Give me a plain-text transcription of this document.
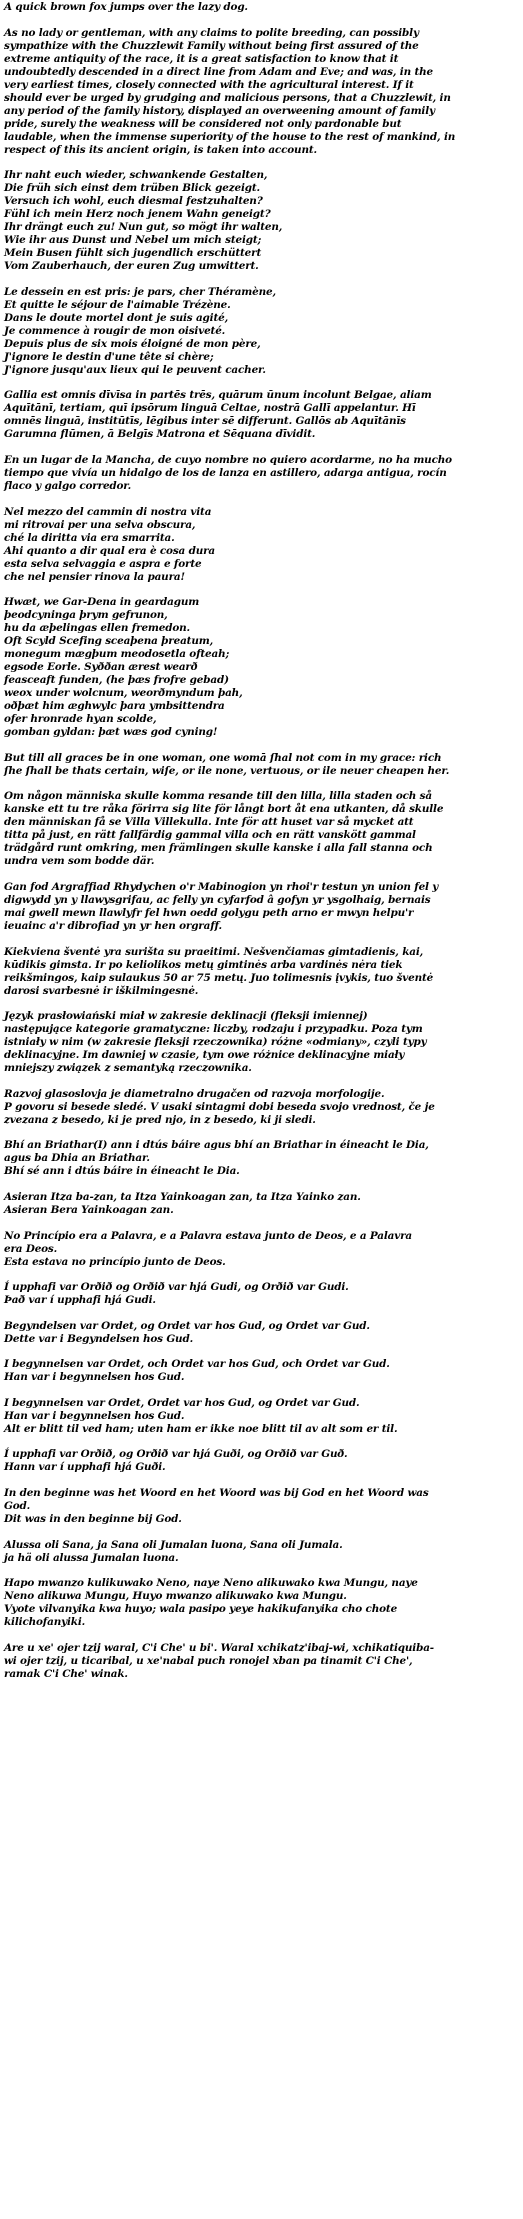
A quick brown fox jumps over the lazy dog.
As no lady or gentleman, with any claims to polite breeding, can possibly
sympathize with the Chuzzlewit Family without being first assured of the
extreme antiquity of the race, it is a great satisfaction to know that it
undoubtedly descended in a direct line from Adam and Eve; and was, in the
very earliest times, closely connected with the agricultural interest. If it
should ever be urged by grudging and malicious persons, that a Chuzzlewit, in
any period of the family history, displayed an overweening amount of family
pride, surely the weakness will be considered not only pardonable but
laudable, when the immense superiority of the house to the rest of mankind, in
respect of this its ancient origin, is taken into account.
Ihr naht euch wieder, schwankende Gestalten,
Die früh sich einst dem trüben Blick gezeigt.
Versuch ich wohl, euch diesmal festzuhalten?
Fühl ich mein Herz noch jenem Wahn geneigt?
Ihr drängt euch zu! Nun gut, so mögt ihr walten,
Wie ihr aus Dunst und Nebel um mich steigt;
Mein Busen fühlt sich jugendlich erschüttert
Vom Zauberhauch, der euren Zug umwittert.
Le dessein en est pris: je pars, cher Théramène,
Et quitte le séjour de l'aimable Trézène.
Dans le doute mortel dont je suis agité,
Je commence à rougir de mon oisiveté.
Depuis plus de six mois éloigné de mon père,
J'ignore le destin d'une tête si chère;
J'ignore jusqu'aux lieux qui le peuvent cacher.
Gallia est omnis dīvīsa in partēs trēs, quārum ūnum incolunt Belgae, aliam
Aquītānī, tertiam, quī ipsōrum linguā Celtae, nostrā Gallī appelantur. Hī
omnēs linguā, institūtīs, lēgibus inter sē differunt. Gallōs ab Aquītānīs
Garumna flūmen, ā Belgīs Matrona et Sēquana dīvidit.
En un lugar de la Mancha, de cuyo nombre no quiero acordarme, no ha mucho
tiempo que vivía un hidalgo de los de lanza en astillero, adarga antigua, rocín
flaco y galgo corredor.
Nel mezzo del cammin di nostra vita
mi ritrovai per una selva obscura,
ché la diritta via era smarrita.
Ahi quanto a dir qual era è cosa dura
esta selva selvaggia e aspra e forte
che nel pensier rinova la paura!
Hwæt, we Gar-Dena in geardagum
þeodcyninga þrym gefrunon,
hu da æþelingas ellen fremedon.
Oft Scyld Scefing sceaþena þreatum,
monegum mægþum meodosetla ofteah;
egsode Eorle. Syððan ærest wearð
feasceaft funden, (he þæs frofre gebad)
weox under wolcnum, weorðmyndum þah,
oðþæt him æghwylc þara ymbsittendra
ofer hronrade hyan scolde,
gomban gyldan: þæt wæs god cyning!
But till all graces be in one woman, one womā ſhal not com in my grace: rich
ſhe ſhall be thats certain, wiſe, or ile none, vertuous, or ile neuer cheapen her.
Om någon människa skulle komma resande till den lilla, lilla staden och så
kanske ett tu tre råka förirra sig lite för långt bort åt ena utkanten, då skulle
den människan få se Villa Villekulla. Inte för att huset var så mycket att
titta på just, en rätt fallfärdig gammal villa och en rätt vanskött gammal
trädgård runt omkring, men främlingen skulle kanske i alla fall stanna och
undra vem som bodde där.
Gan fod Argraffiad Rhydychen o'r Mabinogion yn rhoi'r testun yn union fel y
digwydd yn y llawysgrifau, ac felly yn cyfarfod â gofyn yr ysgolhaig, bernais
mai gwell mewn llawlyfr fel hwn oedd golygu peth arno er mwyn helpu'r
ieuainc a'r dibrofiad yn yr hen orgraff.
Kiekviena šventė yra surišta su praeitimi. Nešvenčiamas gimtadienis, kai,
kūdikis gimsta. Ir po keliolikos metų gimtinės arba vardinės nėra tiek
reikšmingos, kaip sulaukus 50 ar 75 metų. Juo tolimesnis įvykis, tuo šventė
darosi svarbesnė ir iškilmingesnė.
Język prasłowiański miał w zakresie deklinacji (fleksji imiennej)
następujące kategorie gramatyczne: liczby, rodzaju i przypadku. Poza tym
istniały w nim (w zakresie fleksji rzeczownika) różne «odmiany», czyli typy
deklinacyjne. Im dawniej w czasie, tym owe różnice deklinacyjne miały
mniejszy związek z semantyką rzeczownika.
Razvoj glasoslovja je diametralno drugačen od razvoja morfologije.
P govoru si besede sledé. V usaki sintagmi dobi beseda svojo vrednost, če je
zvezana z besedo, ki je pred njo, in z besedo, ki ji sledi.
Bhí an Briathar(I) ann i dtús báire agus bhí an Briathar in éineacht le Dia,
agus ba Dhia an Briathar.
Bhí sé ann i dtús báire in éineacht le Dia.
Asieran Itza ba-zan, ta Itza Yainkoagan zan, ta Itza Yainko zan.
Asieran Bera Yainkoagan zan.
No Princípio era a Palavra, e a Palavra estava junto de Deos, e a Palavra
era Deos.
Esta estava no princípio junto de Deos.
Í upphafi var Orðið og Orðið var hjá Gudi, og Orðið var Gudi.
Það var í upphafi hjá Gudi.
Begyndelsen var Ordet, og Ordet var hos Gud, og Ordet var Gud.
Dette var i Begyndelsen hos Gud.
I begynnelsen var Ordet, och Ordet var hos Gud, och Ordet var Gud.
Han var i begynnelsen hos Gud.
I begynnelsen var Ordet, Ordet var hos Gud, og Ordet var Gud.
Han var i begynnelsen hos Gud.
Alt er blitt til ved ham; uten ham er ikke noe blitt til av alt som er til.
Í upphafi var Orðið, og Orðið var hjá Guði, og Orðið var Guð.
Hann var í upphafi hjá Guði.
In den beginne was het Woord en het Woord was bij God en het Woord was
God.
Dit was in den beginne bij God.
Alussa oli Sana, ja Sana oli Jumalan luona, Sana oli Jumala.
ja hä oli alussa Jumalan luona.
Hapo mwanzo kulikuwako Neno, naye Neno alikuwako kwa Mungu, naye
Neno alikuwa Mungu, Huyo mwanzo alikuwako kwa Mungu.
Vyote vilvanyika kwa huyo; wala pasipo yeye hakikufanyika cho chote
kilichofanyiki.
Are u xe' ojer tzij waral, C'i Che' u bi'. Waral xchikatz'ibaj-wi, xchikatiquiba-
wi ojer tzij, u ticaribal, u xe'nabal puch ronojel xban pa tinamit C'i Che',
ramak C'i Che' winak.
